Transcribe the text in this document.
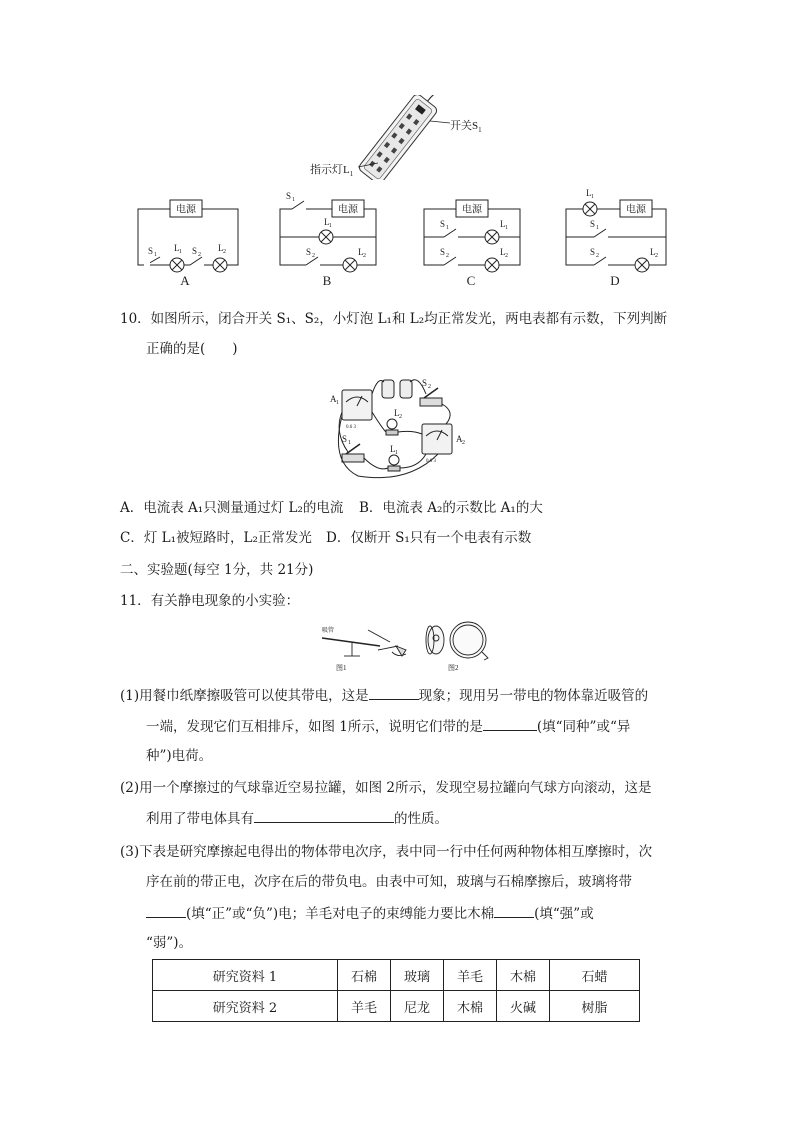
开关$S_1$
指示灯$L_1$
电源
S 1
L 1 S 2
L 2
A
电源
S 1
L 1
S 2	L 2
B
电源
S 1	L 1
S 2	L 2
C
电源
L 1
S 1
S 2	L 2
D
10．如图所示，闭合开关 S₁、S₂，小灯泡 L₁和 L₂均正常发光，两电表都有示数，下列判断
正确的是(　　)
A 1
A 2
L 2
L 1
S 2
S 1
0.6 3
0.6 3
A．电流表 A₁只测量通过灯 L₂的电流 B．电流表 A₂的示数比 A₁的大
C．灯 L₁被短路时，L₂正常发光 D．仅断开 S₁只有一个电表有示数
二、实验题(每空 1分，共 21分)
11．有关静电现象的小实验：
图1
吸管
图2
(1)用餐巾纸摩擦吸管可以使其带电，这是	现象；现用另一带电的物体靠近吸管的
一端，发现它们互相排斥，如图 1所示，说明它们带的是	(填“同种”或“异
种”)电荷。
(2)用一个摩擦过的气球靠近空易拉罐，如图 2所示，发现空易拉罐向气球方向滚动，这是
利用了带电体具有	的性质。
(3)下表是研究摩擦起电得出的物体带电次序，表中同一行中任何两种物体相互摩擦时，次
序在前的带正电，次序在后的带负电。由表中可知，玻璃与石棉摩擦后，玻璃将带
(填“正”或“负”)电；羊毛对电子的束缚能力要比木棉	(填“强”或
“弱”)。
研究资料 1	石棉	玻璃	羊毛	木棉	石蜡
研究资料 2	羊毛	尼龙	木棉	火碱	树脂
